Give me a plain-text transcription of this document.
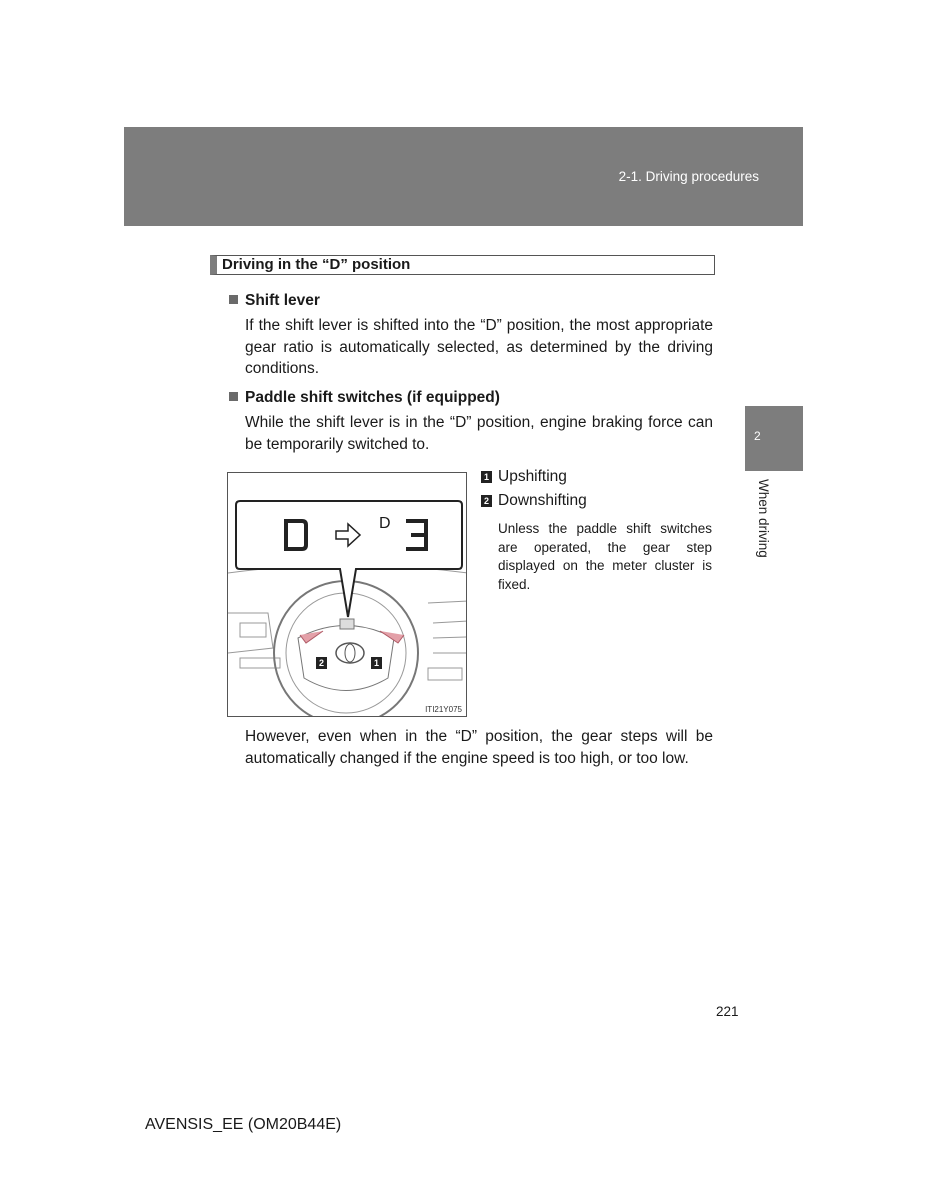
2-1. Driving procedures
2
When driving
Driving in the “D” position
Shift lever
If the shift lever is shifted into the “D” position, the most appropriate gear ratio is automatically selected, as determined by the driving conditions.
Paddle shift switches (if equipped)
While the shift lever is in the “D” position, engine braking force can be temporarily switched to.
D
2	1
ITI21Y075
1 Upshifting
2 Downshifting
Unless the paddle shift switches are operated, the gear step displayed on the meter cluster is fixed.
However, even when in the “D” position, the gear steps will be automatically changed if the engine speed is too high, or too low.
221
AVENSIS_EE (OM20B44E)
